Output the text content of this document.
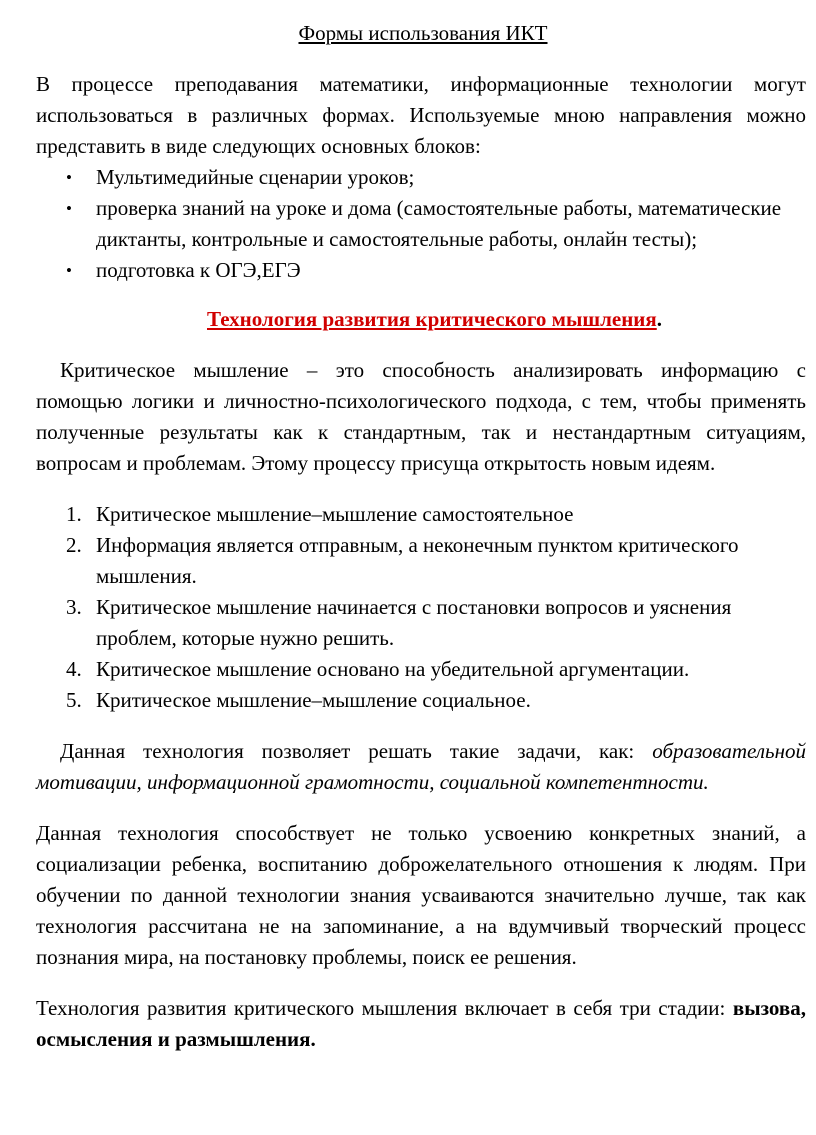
Формы использования ИКТ

В процессе преподавания математики, информационные технологии могут использоваться в различных формах. Используемые мною направления можно представить в виде следующих основных блоков:

• Мультимедийные сценарии уроков;
• проверка знаний на уроке и дома (самостоятельные работы, математические диктанты, контрольные и самостоятельные работы, онлайн тесты);
• подготовка к ОГЭ,ЕГЭ

Технология развития критического мышления.

Критическое мышление – это способность анализировать информацию с помощью логики и личностно-психологического подхода, с тем, чтобы применять полученные результаты как к стандартным, так и нестандартным ситуациям, вопросам и проблемам. Этому процессу присуща открытость новым идеям.

1. Критическое мышление–мышление самостоятельное
2. Информация является отправным, а неконечным пунктом критического мышления.
3. Критическое мышление начинается с постановки вопросов и уяснения проблем, которые нужно решить.
4. Критическое мышление основано на убедительной аргументации.
5. Критическое мышление–мышление социальное.

Данная технология позволяет решать такие задачи, как: образовательной мотивации, информационной грамотности, социальной компетентности.

Данная технология способствует не только усвоению конкретных знаний, а социализации ребенка, воспитанию доброжелательного отношения к людям. При обучении по данной технологии знания усваиваются значительно лучше, так как технология рассчитана не на запоминание, а на вдумчивый творческий процесс познания мира, на постановку проблемы, поиск ее решения.

Технология развития критического мышления включает в себя три стадии: вызова, осмысления и размышления.
